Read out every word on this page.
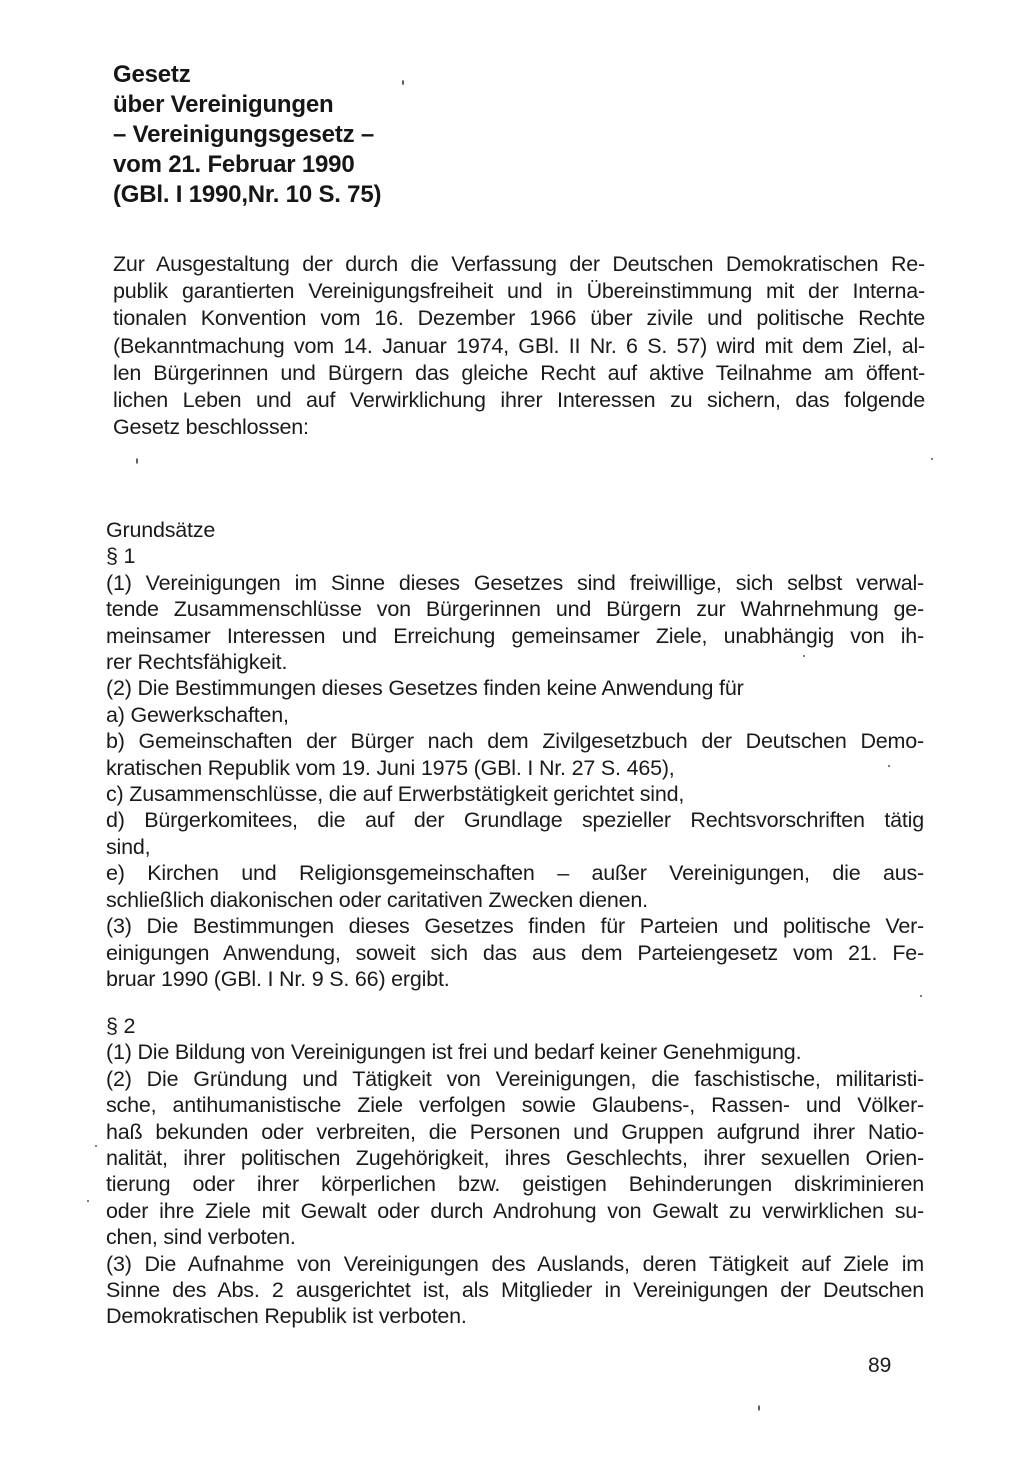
Gesetz
über Vereinigungen
– Vereinigungsgesetz –
vom 21. Februar 1990
(GBl. I 1990,Nr. 10 S. 75)
Zur Ausgestaltung der durch die Verfassung der Deutschen Demokratischen Re-
publik garantierten Vereinigungsfreiheit und in Übereinstimmung mit der Interna-
tionalen Konvention vom 16. Dezember 1966 über zivile und politische Rechte
(Bekanntmachung vom 14. Januar 1974, GBl. II Nr. 6 S. 57) wird mit dem Ziel, al-
len Bürgerinnen und Bürgern das gleiche Recht auf aktive Teilnahme am öffent-
lichen Leben und auf Verwirklichung ihrer Interessen zu sichern, das folgende
Gesetz beschlossen:
Grundsätze
§ 1
(1) Vereinigungen im Sinne dieses Gesetzes sind freiwillige, sich selbst verwal-
tende Zusammenschlüsse von Bürgerinnen und Bürgern zur Wahrnehmung ge-
meinsamer Interessen und Erreichung gemeinsamer Ziele, unabhängig von ih-
rer Rechtsfähigkeit.
(2) Die Bestimmungen dieses Gesetzes finden keine Anwendung für
a) Gewerkschaften,
b) Gemeinschaften der Bürger nach dem Zivilgesetzbuch der Deutschen Demo-
kratischen Republik vom 19. Juni 1975 (GBl. I Nr. 27 S. 465),
c) Zusammenschlüsse, die auf Erwerbstätigkeit gerichtet sind,
d) Bürgerkomitees, die auf der Grundlage spezieller Rechtsvorschriften tätig
sind,
e) Kirchen und Religionsgemeinschaften – außer Vereinigungen, die aus-
schließlich diakonischen oder caritativen Zwecken dienen.
(3) Die Bestimmungen dieses Gesetzes finden für Parteien und politische Ver-
einigungen Anwendung, soweit sich das aus dem Parteiengesetz vom 21. Fe-
bruar 1990 (GBl. I Nr. 9 S. 66) ergibt.
§ 2
(1) Die Bildung von Vereinigungen ist frei und bedarf keiner Genehmigung.
(2) Die Gründung und Tätigkeit von Vereinigungen, die faschistische, militaristi-
sche, antihumanistische Ziele verfolgen sowie Glaubens-, Rassen- und Völker-
haß bekunden oder verbreiten, die Personen und Gruppen aufgrund ihrer Natio-
nalität, ihrer politischen Zugehörigkeit, ihres Geschlechts, ihrer sexuellen Orien-
tierung oder ihrer körperlichen bzw. geistigen Behinderungen diskriminieren
oder ihre Ziele mit Gewalt oder durch Androhung von Gewalt zu verwirklichen su-
chen, sind verboten.
(3) Die Aufnahme von Vereinigungen des Auslands, deren Tätigkeit auf Ziele im
Sinne des Abs. 2 ausgerichtet ist, als Mitglieder in Vereinigungen der Deutschen
Demokratischen Republik ist verboten.
89
